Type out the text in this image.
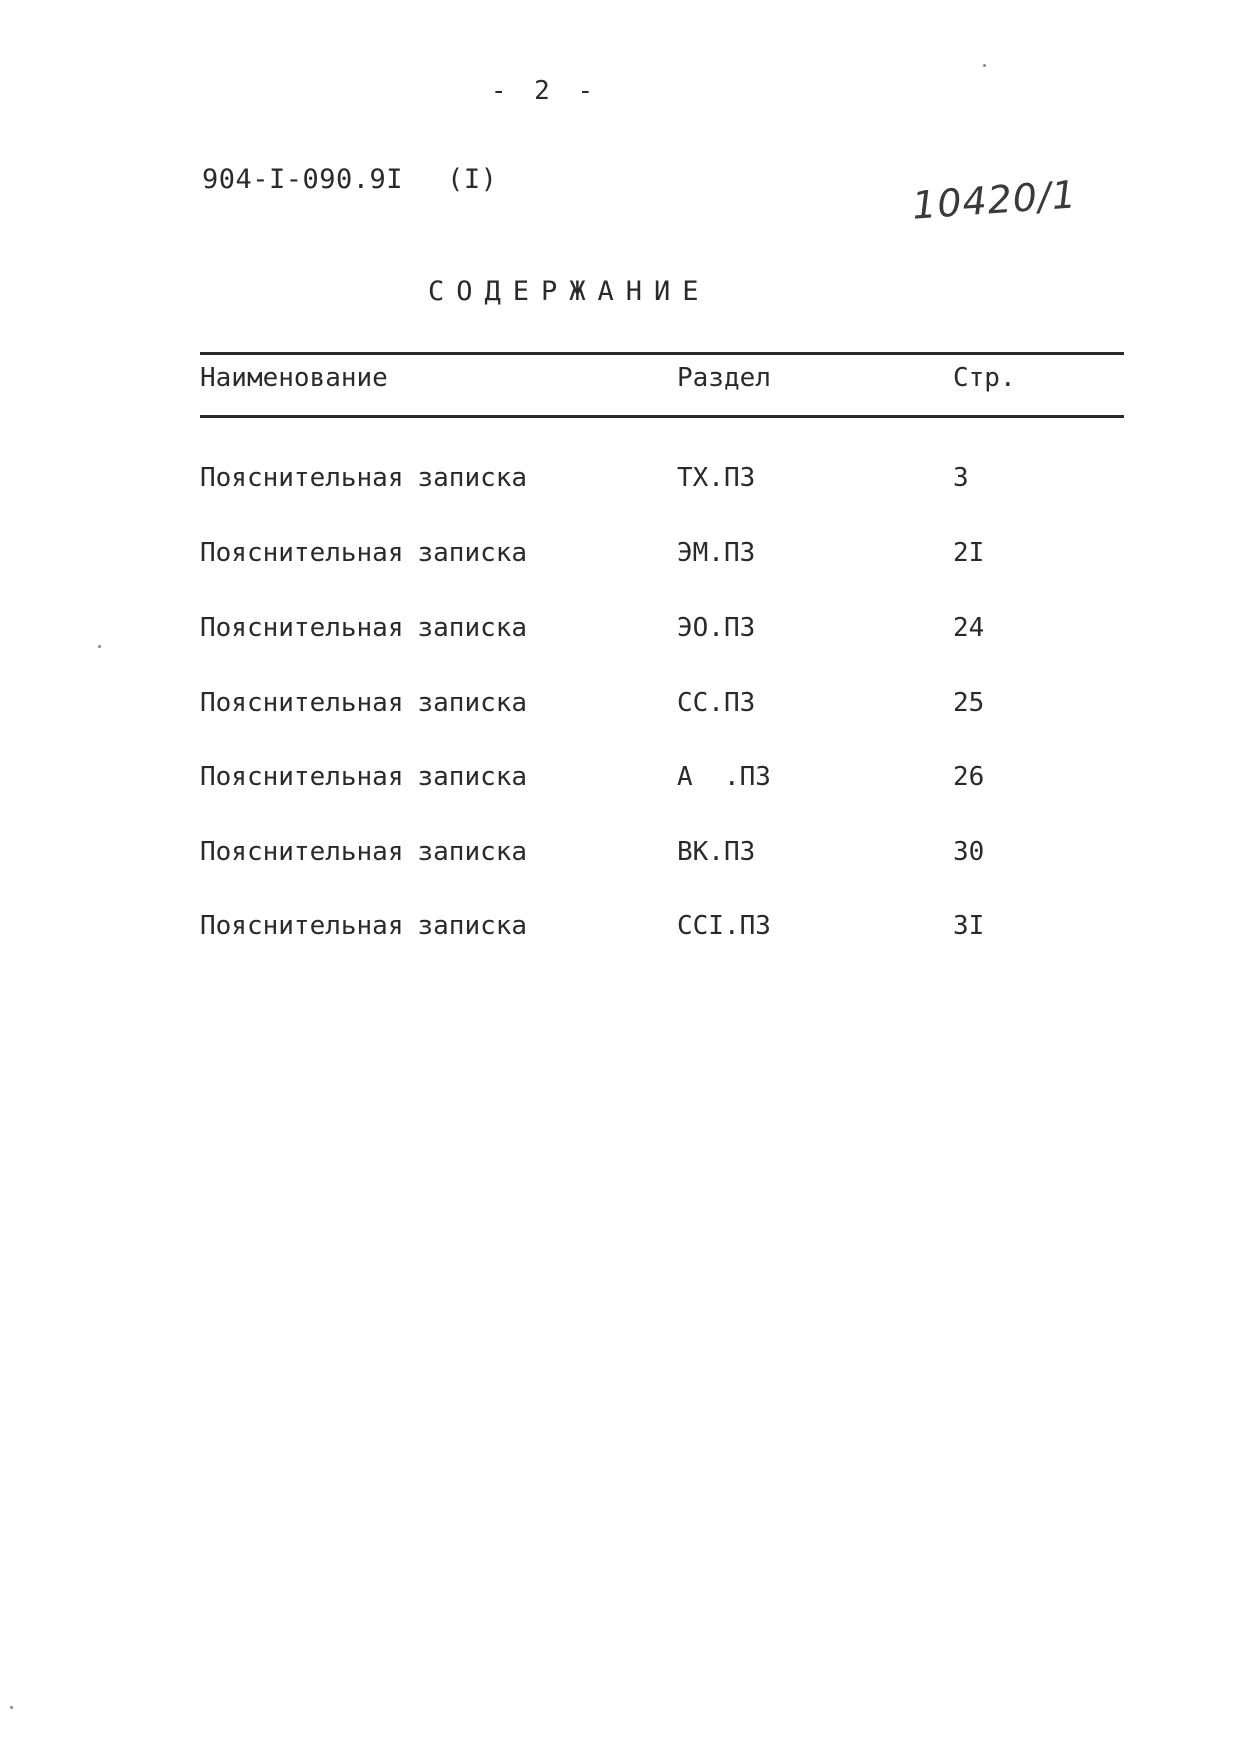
- 2 -
904-I-090.9I (I)	10420/1
СОДЕРЖАНИЕ
Наименование	Раздел	Стр.
Пояснительная записка	ТХ.ПЗ	3
Пояснительная записка	ЭМ.ПЗ	2I
Пояснительная записка	ЭО.ПЗ	24
Пояснительная записка	СС.ПЗ	25
Пояснительная записка	А  .ПЗ	26
Пояснительная записка	ВК.ПЗ	30
Пояснительная записка	ССI.ПЗ	3I
